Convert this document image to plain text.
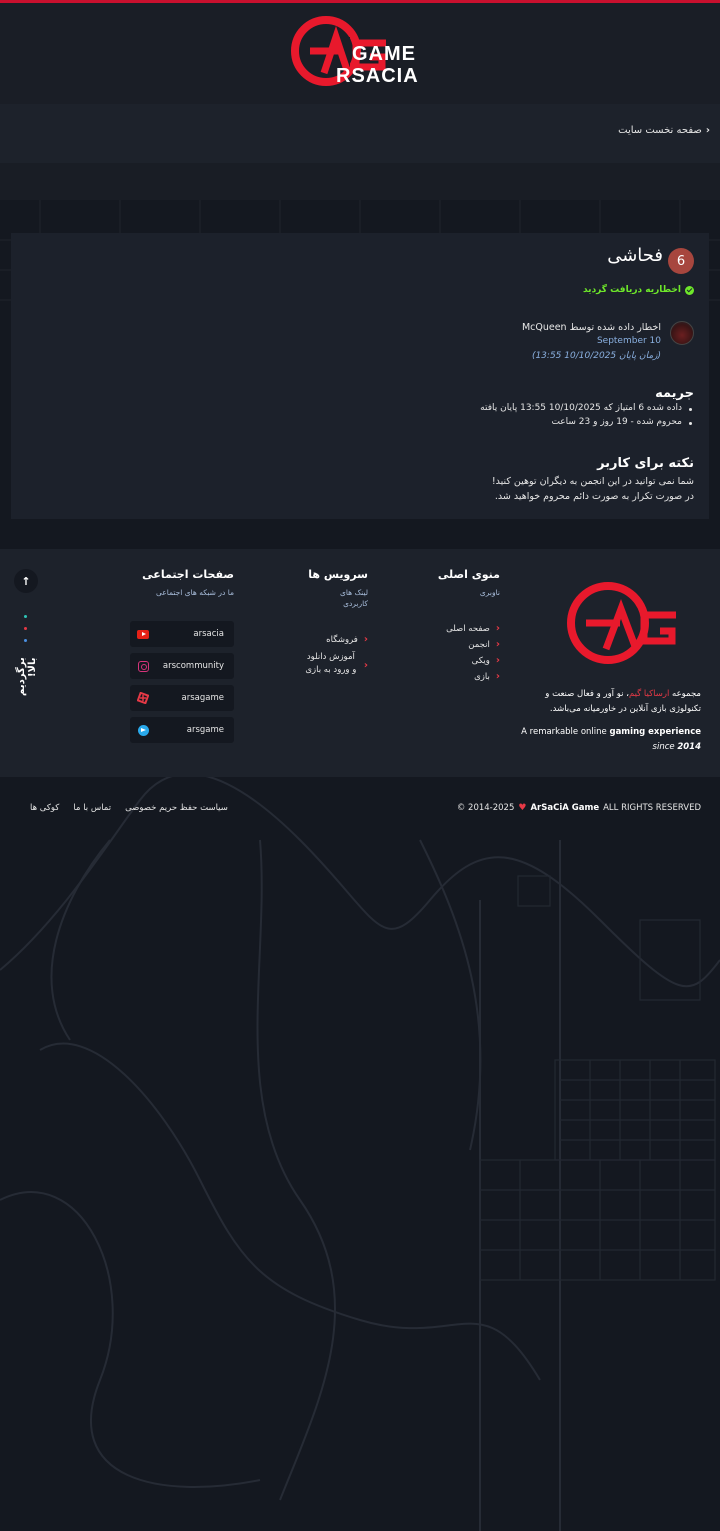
GAME
RSACIA
‹
صفحه نخست سایت
6
فحاشی
اخطاریه دریافت گردید
اخطار داده شده توسط McQueen
September 10
(زمان پایان 10/10/2025 13:55)
جریمه
داده شده 6 امتیاز که 10/10/2025 13:55 پایان یافته
محروم شده - 19 روز و 23 ساعت
نکته برای کاربر
شما نمی توانید در این انجمن به دیگران توهین کنید!
در صورت تکرار به صورت دائم محروم خواهید شد.
مجموعه ارساکیا گیم، نو آور و فعال صنعت و تکنولوژی بازی آنلاین در خاورمیانه می‌باشد.
A remarkable online gaming experience
since 2014
منوی اصلی
ناوبری
‹
صفحه اصلی
‹
انجمن
‹
ویکی
‹
بازی
سرویس ها
لینک های کاربردی
‹
فروشگاه
‹
آموزش دانلود و ورود به بازی
صفحات اجتماعی
ما در شبکه های اجتماعی
arsacia
arscommunity
arsagame
arsgame
↑
برگردیم بالا!
© 2014-2025 ♥ ArSaCiA Game ALL RIGHTS RESERVED
سیاست حفظ حریم خصوصی
تماس با ما
کوکی ها
